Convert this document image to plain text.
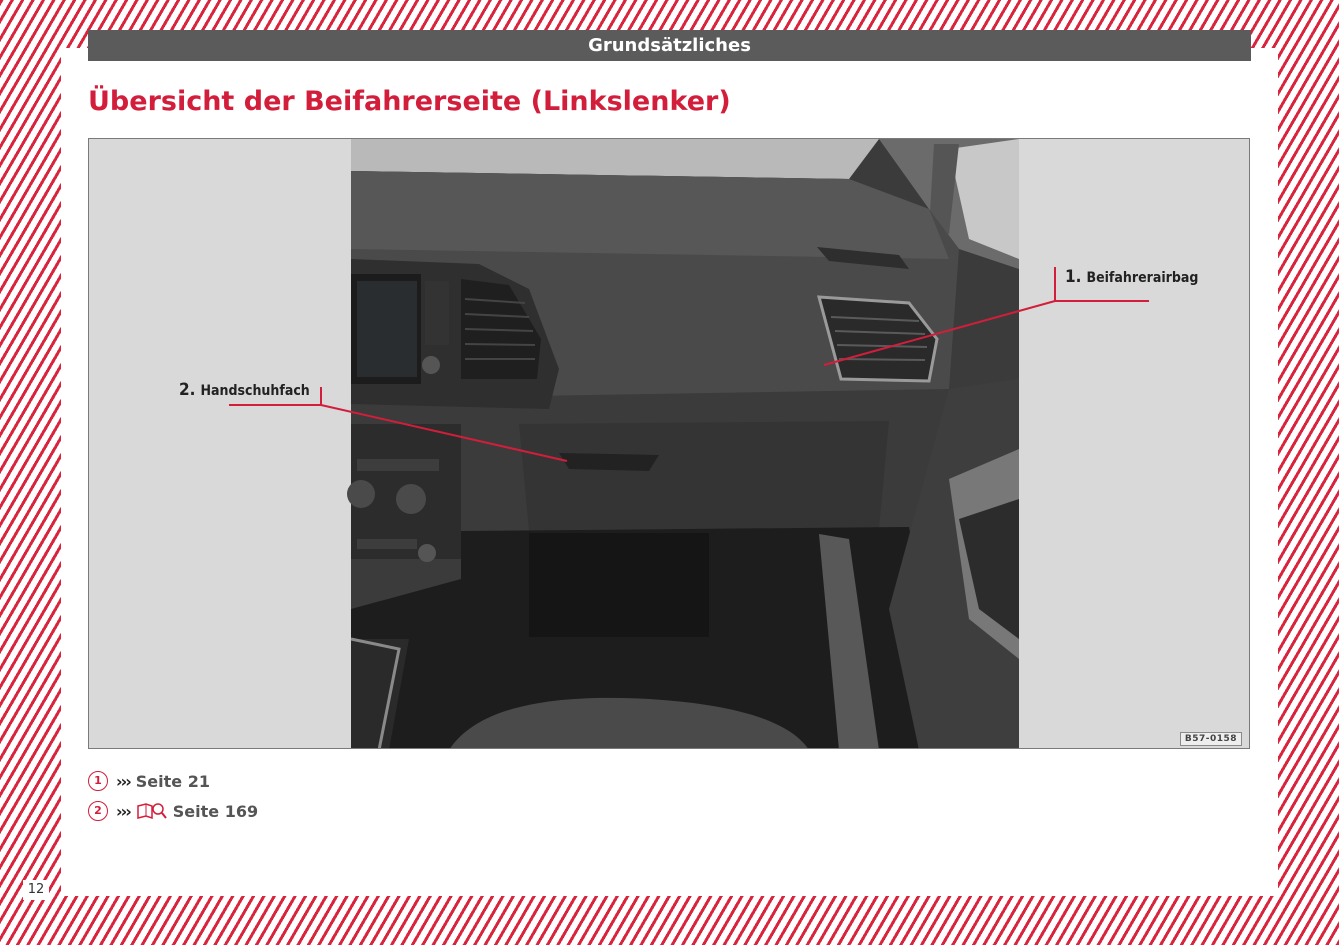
Grundsätzliches
Übersicht der Beifahrerseite (Linkslenker)
1. Beifahrerairbag
2. Handschuhfach
B57-0158
1 ››› Seite 21
2 ›››	Seite 169
12
